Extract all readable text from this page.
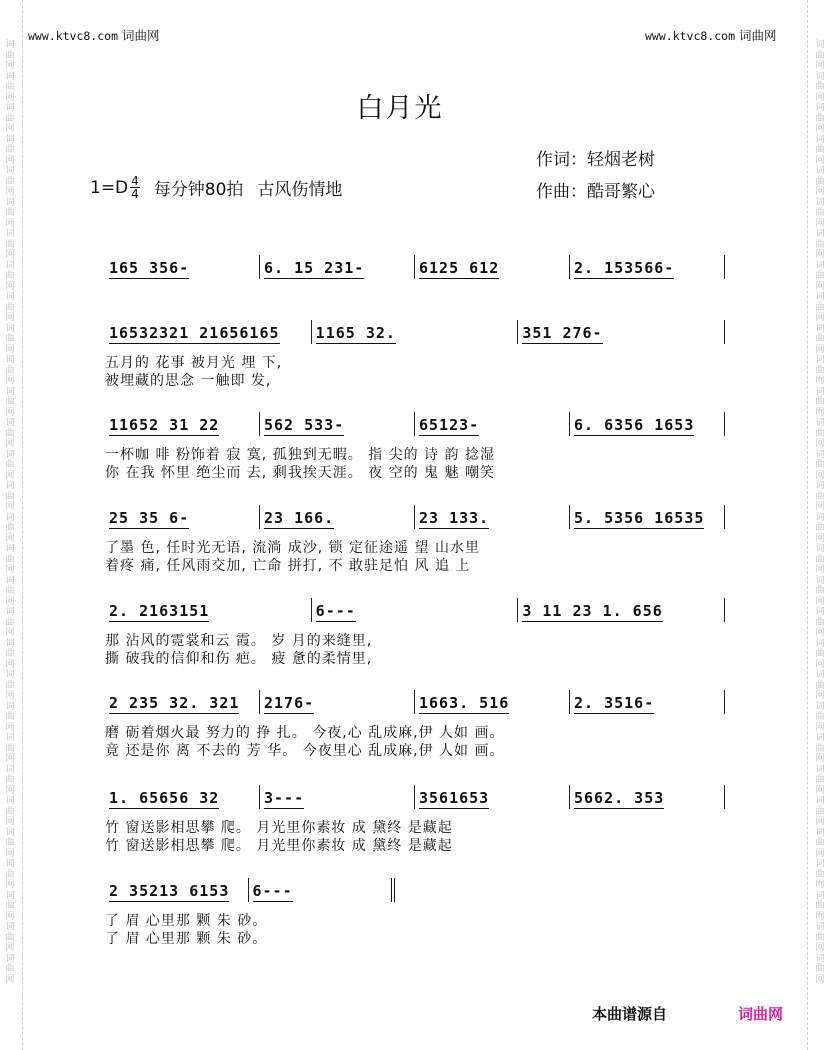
词曲网词曲网词曲网词曲网词曲网词曲网词曲网词曲网词曲网词曲网词曲网词曲网词曲网词曲网词曲网词曲网词曲网词曲网词曲网词曲网词曲网词曲网词曲网词曲网词曲网词曲网词曲网词曲网词曲网词曲网
词曲网词曲网词曲网词曲网词曲网词曲网词曲网词曲网词曲网词曲网词曲网词曲网词曲网词曲网词曲网词曲网词曲网词曲网词曲网词曲网词曲网词曲网词曲网词曲网词曲网词曲网词曲网词曲网词曲网词曲网
www.ktvc8.com 词曲网	www.ktvc8.com 词曲网
白月光
作词：轻烟老树
作曲：酷哥繁心
$1=D \frac{4}{4}$ 每分钟80拍 古风伤情地
165 356-	6. 15 231-	6125 612	2. 153566-
16532321 21656165 1165 32.	351 276-
五月的 花事 被月光 埋 下,
被埋藏的思念 一触即 发,
11652 31 22	562 533-	65123-	6. 6356 1653
一杯咖 啡 粉饰着 寂 寞, 孤独到无暇。 指 尖的 诗 韵 捻湿
你 在我 怀里 绝尘而 去, 剩我挨天涯。 夜 空的 鬼 魅 嘲笑
25 35 6-	23 166.	23 133.	5. 5356 16535
了墨 色, 任时光无语, 流淌 成沙, 锁 定征途遥 望 山水里
着疼 痛, 任风雨交加, 亡命 拼打, 不 敢驻足怕 风 追 上
2. 2163151	6---	3 11 23 1. 656
那 沾风的霓裳和云 霞。 岁 月的来缝里,
撕 破我的信仰和伤 疤。 疲 惫的柔情里,
2 235 32. 321 2176-	1663. 516	2. 3516-
磨 砺着烟火最 努力的 挣 扎。 今夜,心 乱成麻,伊 人如 画。
竟 还是你 离 不去的 芳 华。 今夜里心 乱成麻,伊 人如 画。
1. 65656 32	3---	3561653	5662. 353
竹 窗送影相思攀 爬。 月光里你素妆 成 黛终 是藏起
竹 窗送影相思攀 爬。 月光里你素妆 成 黛终 是藏起
2 35213 6153 6---
了 眉 心里那 颗 朱 砂。
了 眉 心里那 颗 朱 砂。
本曲谱源自	词曲网
